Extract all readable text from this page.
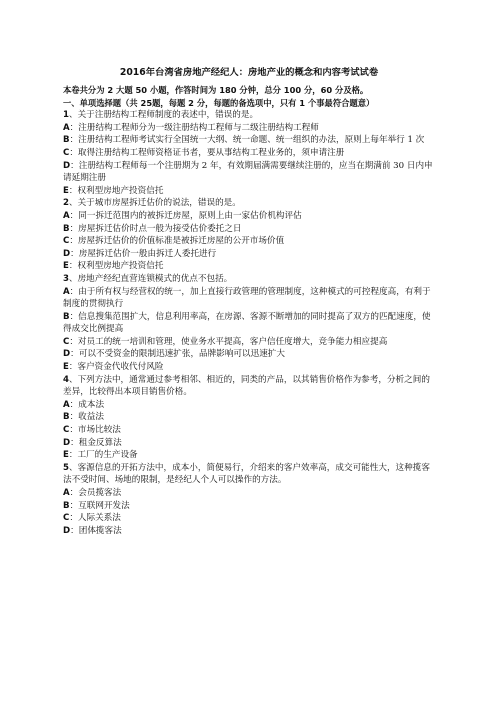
2016年台湾省房地产经纪人：房地产业的概念和内容考试试卷

本卷共分为 2 大题 50 小题，作答时间为 180 分钟，总分 100 分，60 分及格。

一、单项选择题（共 25题，每题 2 分，每题的备选项中，只有 1 个事最符合题意）

1、关于注册结构工程师制度的表述中，错误的是。

A：注册结构工程师分为一级注册结构工程师与二级注册结构工程师

B：注册结构工程师考试实行全国统一大纲、统一命题、统一组织的办法，原则上每年举行 1 次

C：取得注册结构工程师资格证书者，要从事结构工程业务的，须申请注册

D：注册结构工程师每一个注册期为 2 年，有效期届满需要继续注册的，应当在期满前 30 日内申请延期注册

E：权利型房地产投资信托

2、关于城市房屋拆迁估价的说法，错误的是。

A：同一拆迁范围内的被拆迁房屋，原则上由一家估价机构评估

B：房屋拆迁估价时点一般为接受估价委托之日

C：房屋拆迁估价的价值标准是被拆迁房屋的公开市场价值

D：房屋拆迁估价一般由拆迁人委托进行

E：权利型房地产投资信托

3、房地产经纪直营连锁模式的优点不包括。

A：由于所有权与经营权的统一，加上直接行政管理的管理制度，这种模式的可控程度高，有利于制度的贯彻执行

B：信息搜集范围扩大，信息利用率高，在房源、客源不断增加的同时提高了双方的匹配速度，使得成交比例提高

C：对员工的统一培训和管理，使业务水平提高，客户信任度增大，竞争能力相应提高

D：可以不受资金的限制迅速扩张，品牌影响可以迅速扩大

E：客户资金代收代付风险

4、下列方法中，通常通过参考相邻、相近的，同类的产品，以其销售价格作为参考，分析之间的差异，比较得出本项目销售价格。

A：成本法

B：收益法

C：市场比较法

D：租金反算法

E：工厂的生产设备

5、客源信息的开拓方法中，成本小，简便易行，介绍来的客户效率高，成交可能性大，这种揽客法不受时间、场地的限制，是经纪人个人可以操作的方法。

A：会员揽客法

B：互联网开发法

C：人际关系法

D：团体揽客法
